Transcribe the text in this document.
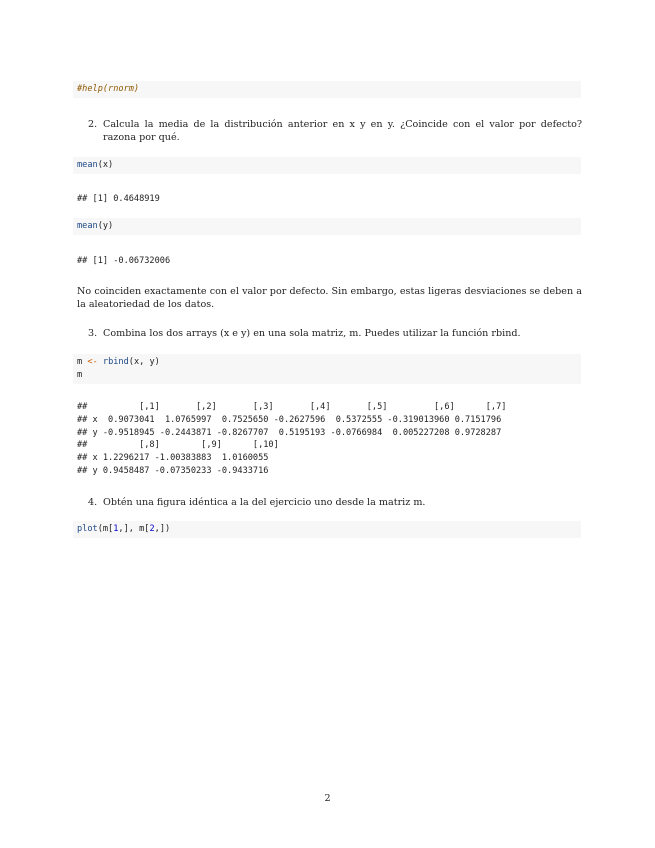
#help(rnorm)
2. Calcula la media de la distribución anterior en x y en y. ¿Coincide con el valor por defecto? razona por qué.
mean(x)
## [1] 0.4648919
mean(y)
## [1] -0.06732006
No coinciden exactamente con el valor por defecto. Sin embargo, estas ligeras desviaciones se deben a la aleatoriedad de los datos.
3. Combina los dos arrays (x e y) en una sola matriz, m. Puedes utilizar la función rbind.
m <- rbind(x, y)
m
##          [,1]       [,2]       [,3]       [,4]       [,5]         [,6]      [,7]
## x  0.9073041  1.0765997  0.7525650 -0.2627596  0.5372555 -0.319013960 0.7151796
## y -0.9518945 -0.2443871 -0.8267707  0.5195193 -0.0766984  0.005227208 0.9728287
##          [,8]        [,9]      [,10]
## x 1.2296217 -1.00383883  1.0160055
## y 0.9458487 -0.07350233 -0.9433716
4. Obtén una figura idéntica a la del ejercicio uno desde la matriz m.
plot(m[1,], m[2,])
2
